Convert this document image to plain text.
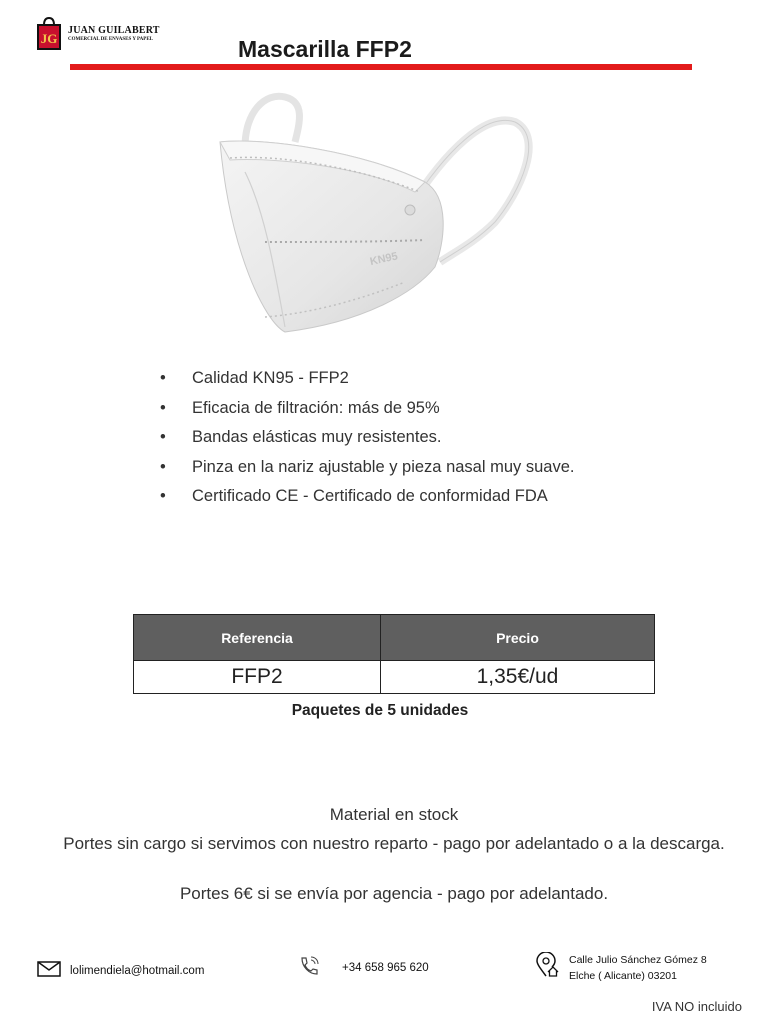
JG
JUAN GUILABERT
COMERCIAL DE ENVASES Y PAPEL	Mascarilla FFP2
KN95
• Calidad KN95 - FFP2
• Eficacia de filtración: más de 95%
• Bandas elásticas muy resistentes.
• Pinza en la nariz ajustable y pieza nasal muy suave.
• Certificado CE - Certificado de conformidad FDA
Referencia	Precio
FFP2	1,35€/ud
Paquetes de 5 unidades
Material en stock
Portes sin cargo si servimos con nuestro reparto - pago por adelantado o a la descarga.
Portes 6€ si se envía por agencia - pago por adelantado.
lolimendiela@hotmail.com	+34 658 965 620
Calle Julio Sánchez Gómez 8
Elche ( Alicante) 03201
IVA NO incluido
